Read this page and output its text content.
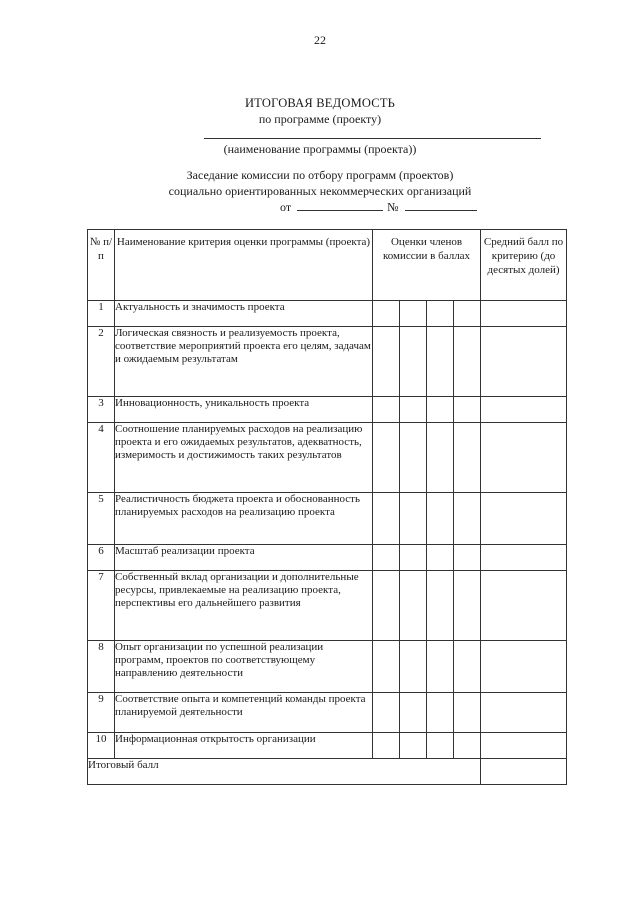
22
ИТОГОВАЯ ВЕДОМОСТЬ
по программе (проекту)
(наименование программы (проекта))
Заседание комиссии по отбору программ (проектов)
социально ориентированных некоммерческих организаций
от	№
№ п/п	Наименование критерия оценки программы (проекта)	Оценки членов комиссии в баллах				Средний балл по критерию (до десятых долей)
1	Актуальность и значимость проекта					
2	Логическая связность и реализуемость проекта, соответствие мероприятий проекта его целям, задачам и ожидаемым результатам					
3	Инновационность, уникальность проекта					
4	Соотношение планируемых расходов на реализацию проекта и его ожидаемых результатов, адекватность, измеримость и достижимость таких результатов					
5	Реалистичность бюджета проекта и обоснованность планируемых расходов на реализацию проекта					
6	Масштаб реализации проекта					
7	Собственный вклад организации и дополнительные ресурсы, привлекаемые на реализацию проекта, перспективы его дальнейшего развития					
8	Опыт организации по успешной реализации программ, проектов по соответствующему направлению деятельности					
9	Соответствие опыта и компетенций команды проекта планируемой деятельности					
10	Информационная открытость организации					
Итоговый балл						
